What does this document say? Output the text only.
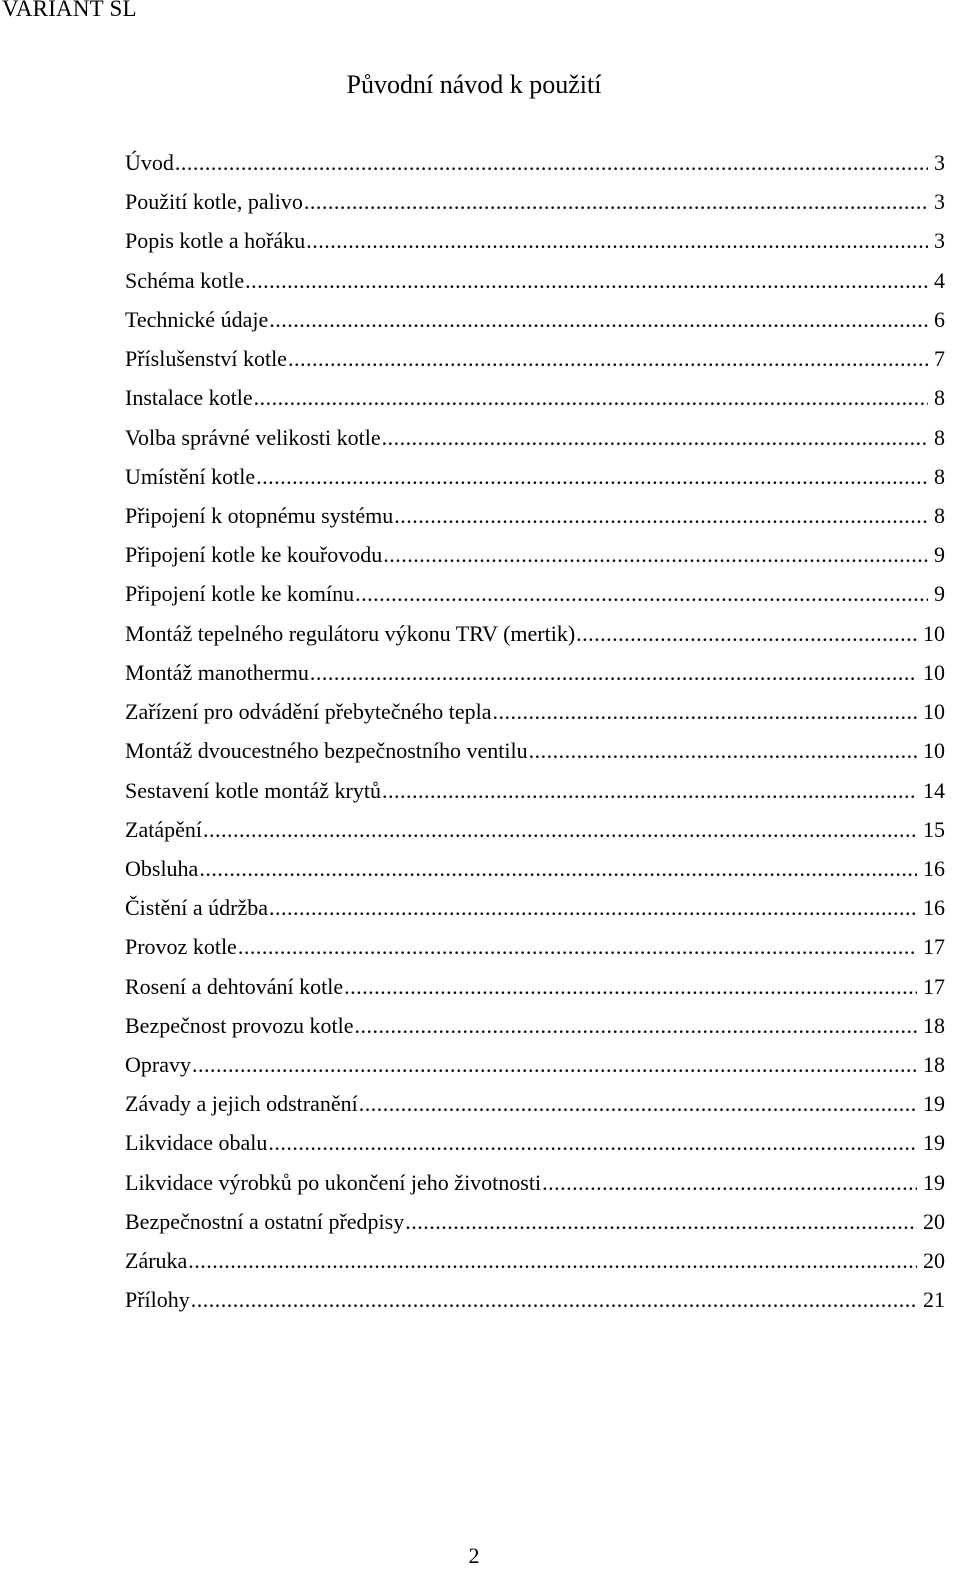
VARIANT SL
Původní návod k použití
Úvod .....	3
Použití kotle, palivo .....	3
Popis kotle a hořáku .....	3
Schéma kotle .....	4
Technické údaje .....	6
Příslušenství kotle .....	7
Instalace kotle .....	8
Volba správné velikosti kotle .....	8
Umístění kotle .....	8
Připojení k otopnému systému .....	8
Připojení kotle ke kouřovodu .....	9
Připojení kotle ke komínu .....	9
Montáž tepelného regulátoru výkonu TRV (mertik) .....	10
Montáž manothermu .....	10
Zařízení pro odvádění přebytečného tepla .....	10
Montáž dvoucestného bezpečnostního ventilu .....	10
Sestavení kotle montáž krytů .....	14
Zatápění .....	15
Obsluha .....	16
Čistění a údržba .....	16
Provoz kotle .....	17
Rosení a dehtování kotle .....	17
Bezpečnost provozu kotle .....	18
Opravy .....	18
Závady a jejich odstranění .....	19
Likvidace obalu .....	19
Likvidace výrobků po ukončení jeho životnosti .....	19
Bezpečnostní a ostatní předpisy .....	20
Záruka .....	20
Přílohy .....	21
2
